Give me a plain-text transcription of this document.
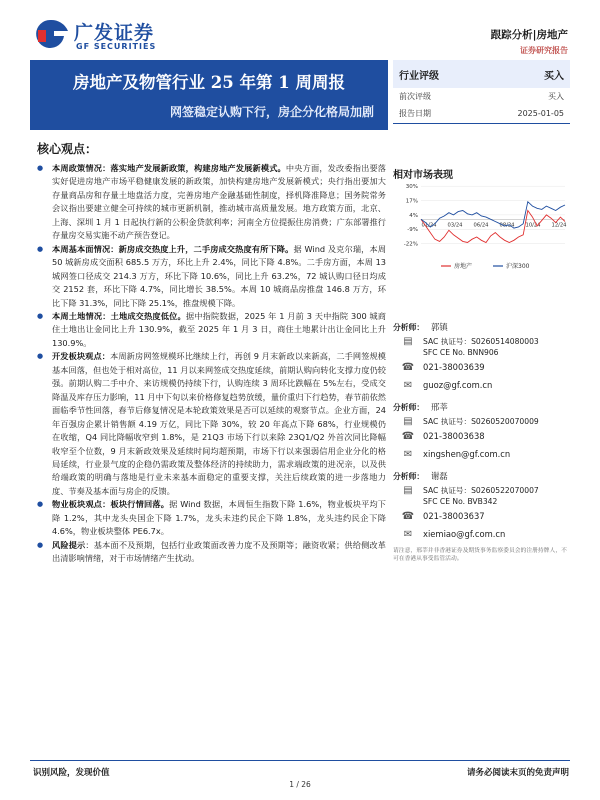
广发证券
GF SECURITIES
跟踪分析|房地产
证券研究报告
房地产及物管行业 25 年第 1 周周报
网签稳定认购下行，房企分化格局加剧
行业评级	买入
前次评级	买入
报告日期	2025-01-05
核心观点：
● 本周政策情况：落实地产发展新政策，构建房地产发展新模式。中央方面，发改委指出要落实好促进房地产市场平稳健康发展的新政策，加快构建房地产发展新模式；央行指出要加大存量商品房和存量土地盘活力度，完善房地产金融基础性制度，择机降准降息；国务院常务会议指出要建立健全可持续的城市更新机制，推动城市高质量发展。地方政策方面，北京、上海、深圳 1 月 1 日起执行新的公积金贷款利率；河南全方位提振住房消费；广东部署推行存量房交易实施不动产预告登记。
● 本周基本面情况：新房成交热度上升，二手房成交热度有所下降。据 Wind 及克尔瑞，本周 50 城新房成交面积 685.5 万方，环比上升 2.4%，同比下降 4.8%。二手房方面，本周 13 城网签口径成交 214.3 万方，环比下降 10.6%，同比上升 63.2%，72 城认购口径日均成交 2152 套，环比下降 4.7%，同比增长 38.5%。本周 10 城商品房推盘 146.8 万方，环比下降 31.3%，同比下降 25.1%，推盘规模下降。
● 本周土地情况：土地成交热度低位。据中指院数据，2025 年 1 月前 3 天中指院 300 城商住土地出让金同比上升 130.9%，截至 2025 年 1 月 3 日，商住土地累计出让金同比上升 130.9%。
● 开发板块观点：本周新房网签规模环比继续上行，再创 9 月末新政以来新高，二手网签规模基本回落，但也处于相对高位，11 月以来网签成交热度延续，前期认购向转化支撑力度仍较强。前期认购二手中介、来访规模仍持续下行，认购连续 3 周环比跌幅在 5%左右，受成交降温及库存压力影响，11 月中下旬以来价格修复趋势放缓，量价重归下行趋势，春节前依然面临季节性回落，春节后修复情况是本轮政策效果是否可以延续的观察节点。企业方面，24 年百强房企累计销售额 4.19 万亿，同比下降 30%，较 20 年高点下降 68%，行业规模仍在收缩，Q4 同比降幅收窄到 1.8%，是 21Q3 市场下行以来除 23Q1/Q2 外首次同比降幅收窄至个位数，9 月末新政效果及延续时间均超预期，市场下行以来强弱信用企业分化的格局延续，行业景气度的企稳仍需政策及整体经济的持续助力，需求端政策的进况亲，以及供给端政策的明确与落地是行业未来基本面稳定的重要支撑，关注后续政策的进一步落地力度、节奏及基本面与房企的反馈。
● 物业板块观点：板块行情回落。据 Wind 数据，本周恒生指数下降 1.6%，物业板块平均下降 1.2%，其中龙头央国企下降 1.7%，龙头未违约民企下降 1.8%，龙头违约民企下降 4.6%，物业板块整体 PE6.7x。
● 风险提示：基本面不及预期，包括行业政策面改善力度不及预期等；融资收紧；供给侧改革出清影响情绪，对于市场情绪产生扰动。
相对市场表现
30%
17%
4%
-9%
-22%
01/24 03/24 06/24 08/24 10/24 12/24
房地产	沪深300
分析师： 郭镇
▤	SAC 执证号：S0260514080003
SFC CE No. BNN906
☎	021-38003639
✉	guoz@gf.com.cn
分析师： 邢莘
▤	SAC 执证号：S0260520070009
☎	021-38003638
✉	xingshen@gf.com.cn
分析师： 谢磊
▤	SAC 执证号：S0260522070007
SFC CE No. BVB342
☎	021-38003637
✉	xiemiao@gf.com.cn
请注意，邢莘并非香港证券及期货事务监察委员会的注册持牌人，不可在香港从事受监管活动。
识别风险，发现价值	请务必阅读末页的免责声明
1 / 26
